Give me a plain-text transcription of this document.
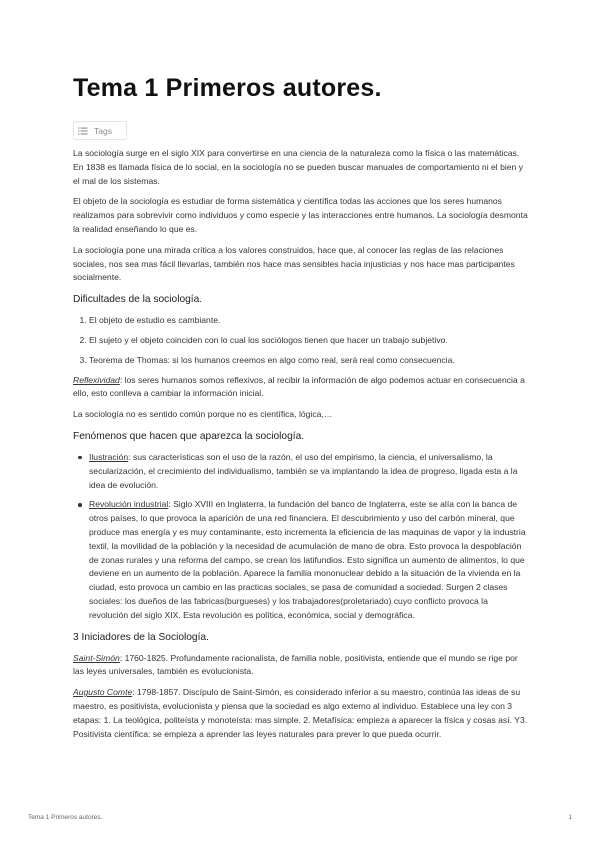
Tema 1 Primeros autores.
Tags

La sociología surge en el siglo XIX para convertirse en una ciencia de la naturaleza como la física o las matemáticas. En 1838 es llamada física de lo social, en la sociología no se pueden buscar manuales de comportamiento ni el bien y el mal de los sistemas.

El objeto de la sociología es estudiar de forma sistemática y científica todas las acciones que los seres humanos realizamos para sobrevivir como individuos y como especie y las interacciones entre humanos. La sociología desmonta la realidad enseñando lo que es.

La sociología pone una mirada crítica a los valores construidos, hace que, al conocer las reglas de las relaciones sociales, nos sea mas fácil llevarlas, también nos hace mas sensibles hacia injusticias y nos hace mas participantes socialmente.

Dificultades de la sociología.
1. El objeto de estudio es cambiante.
2. El sujeto y el objeto coinciden con lo cual los sociólogos tienen que hacer un trabajo subjetivo.
3. Teorema de Thomas: si los humanos creemos en algo como real, será real como consecuencia.

Reflexividad: los seres humanos somos reflexivos, al recibir la información de algo podemos actuar en consecuencia a ello, esto conlleva a cambiar la información inicial.

La sociología no es sentido común porque no es científica, lógica,…

Fenómenos que hacen que aparezca la sociología.
Ilustración: sus características son el uso de la razón, el uso del empirismo, la ciencia, el universalismo, la secularización, el crecimiento del individualismo, también se va implantando la idea de progreso, ligada esta a la idea de evolución.
Revolución industrial: Siglo XVIII en Inglaterra, la fundación del banco de Inglaterra, este se alía con la banca de otros países, lo que provoca la aparición de una red financiera. El descubrimiento y uso del carbón mineral, que produce mas energía y es muy contaminante, esto incrementa la eficiencia de las maquinas de vapor y la industria textil, la movilidad de la población y la necesidad de acumulación de mano de obra. Esto provoca la despoblación de zonas rurales y una reforma del campo, se crean los latifundios. Esto significa un aumento de alimentos, lo que deviene en un aumento de la población. Aparece la familia mononuclear debido a la situación de la vivienda en la ciudad, esto provoca un cambio en las practicas sociales, se pasa de comunidad a sociedad. Surgen 2 clases sociales: los dueños de las fabricas(burgueses) y los trabajadores(proletariado) cuyo conflicto provoca la revolución del siglo XIX. Esta revolución es política, económica, social y demográfica.
3 Iniciadores de la Sociología.

Saint-Simón: 1760-1825. Profundamente racionalista, de familia noble, positivista, entiende que el mundo se rige por las leyes universales, también es evolucionista.

Augusto Comte: 1798-1857. Discípulo de Saint-Simón, es considerado inferior a su maestro, continúa las ideas de su maestro, es positivista, evolucionista y piensa que la sociedad es algo externo al individuo. Establece una ley con 3 etapas: 1. La teológica, politeísta y monoteísta: mas simple. 2. Metafísica: empieza a aparecer la física y cosas así. Y3. Positivista científica: se empieza a aprender las leyes naturales para prever lo que pueda ocurrir.

Tema 1 Primeros autores.	1
